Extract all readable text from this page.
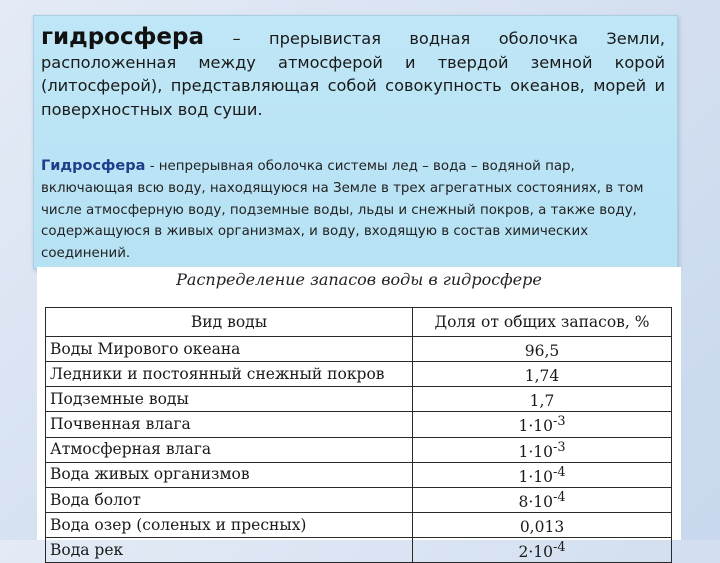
гидросфера – прерывистая водная оболочка Земли, расположенная между атмосферой и твердой земной корой (литосферой), представляющая собой совокупность океанов, морей и поверхностных вод суши.

Гидросфера - непрерывная оболочка системы лед – вода – водяной пар, включающая всю воду, находящуюся на Земле в трех агрегатных состояниях, в том числе атмосферную воду, подземные воды, льды и снежный покров, а также воду, содержащуюся в живых организмах, и воду, входящую в состав химических соединений.

Распределение запасов воды в гидросфере

Вид воды	Доля от общих запасов, %
Воды Мирового океана	96,5
Ледники и постоянный снежный покров	1,74
Подземные воды	1,7
Почвенная влага	$1\cdot 10^{-3}$
Атмосферная влага	$1\cdot 10^{-3}$
Вода живых организмов	$1\cdot 10^{-4}$
Вода болот	$8\cdot 10^{-4}$
Вода озер (соленых и пресных)	0,013
Вода рек	$2\cdot 10^{-4}$
